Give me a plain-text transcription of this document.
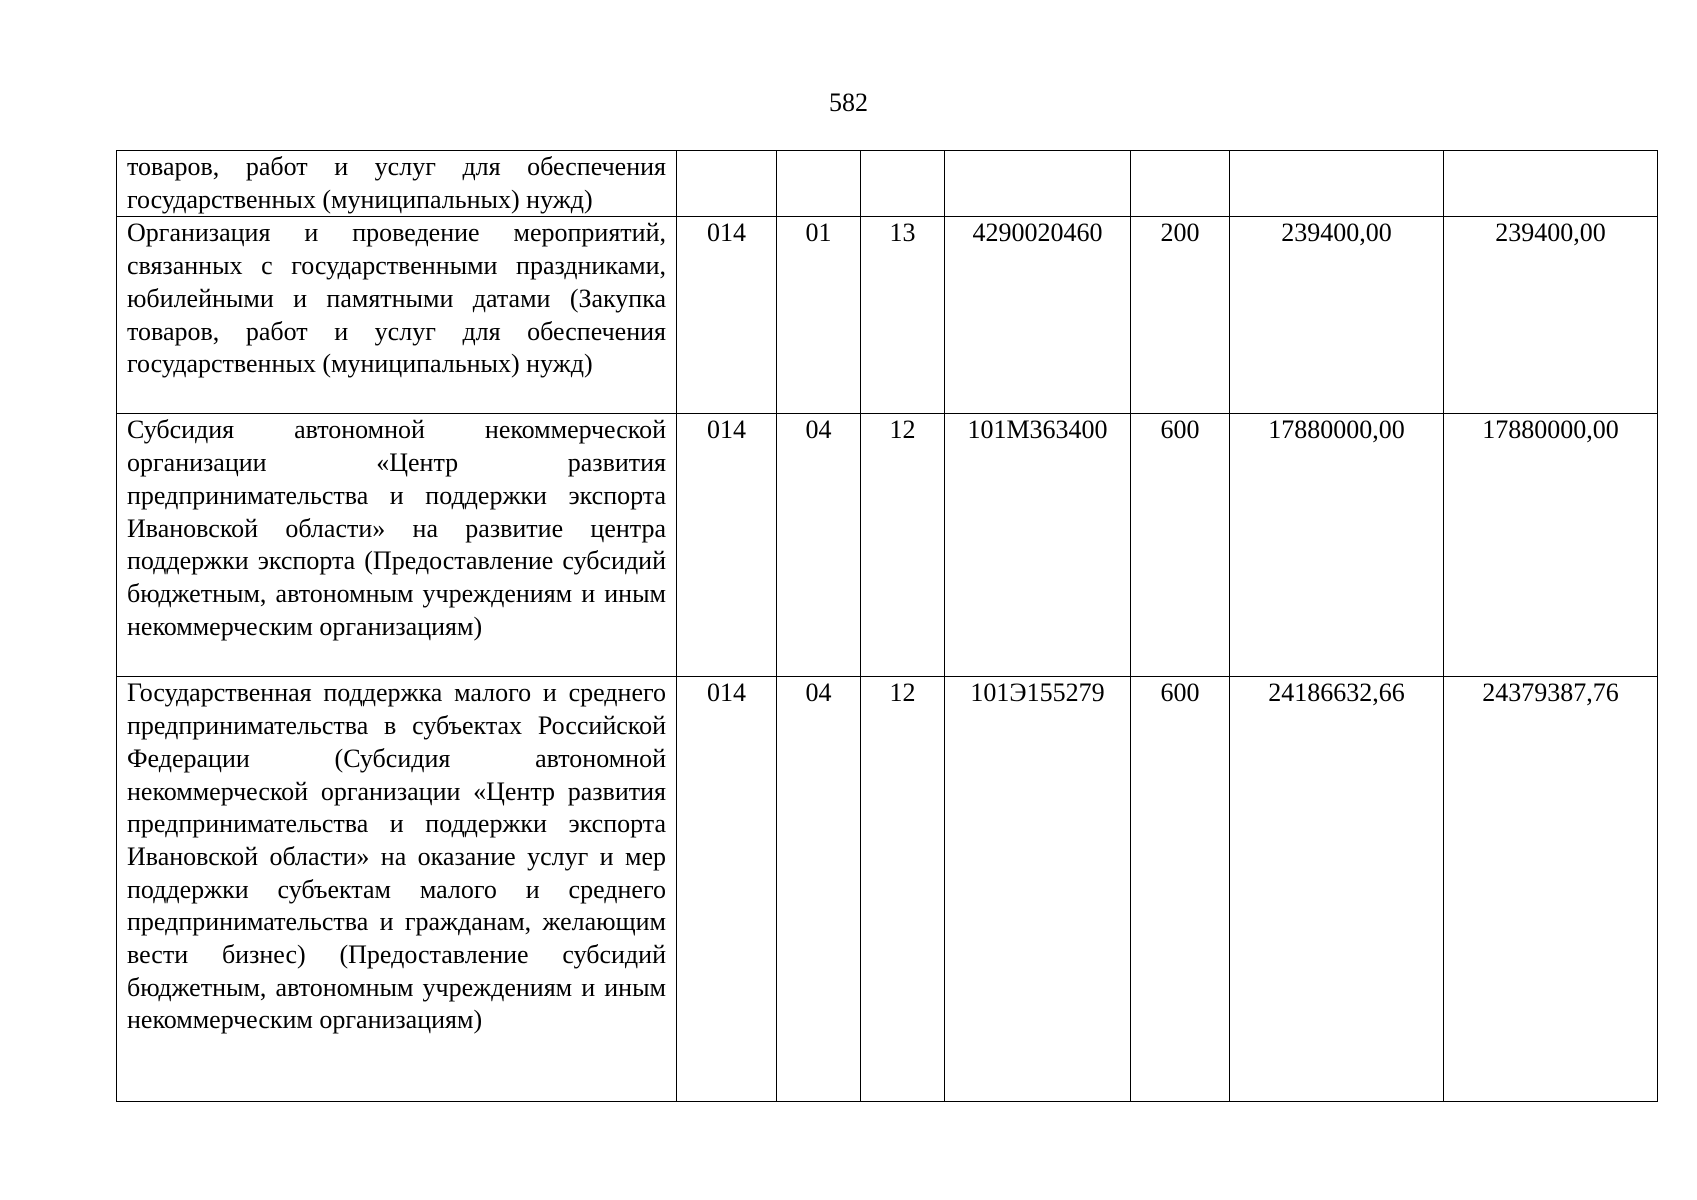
582
товаров, работ и услуг для обеспечения государственных (муниципальных) нужд)							
Организация и проведение мероприятий, связанных с государственными праздниками, юбилейными и памятными датами (Закупка товаров, работ и услуг для обеспечения государственных (муниципальных) нужд)	014	01	13	4290020460	200	239400,00	239400,00
Субсидия автономной некоммерческой организации «Центр развития предпринимательства и поддержки экспорта Ивановской области» на развитие центра поддержки экспорта (Предоставление субсидий бюджетным, автономным учреждениям и иным некоммерческим организациям)	014	04	12	101М363400	600	17880000,00	17880000,00
Государственная поддержка малого и среднего предпринимательства в субъектах Российской Федерации (Субсидия автономной некоммерческой организации «Центр развития предпринимательства и поддержки экспорта Ивановской области» на оказание услуг и мер поддержки субъектам малого и среднего предпринимательства и гражданам, желающим вести бизнес) (Предоставление субсидий бюджетным, автономным учреждениям и иным некоммерческим организациям)	014	04	12	101Э155279	600	24186632,66	24379387,76
